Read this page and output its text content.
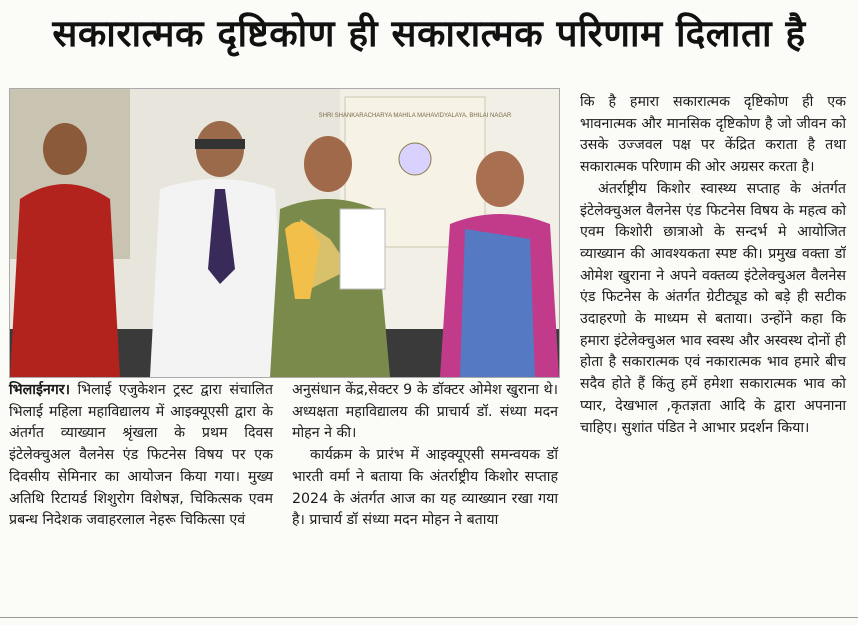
सकारात्मक दृष्टिकोण ही सकारात्मक परिणाम दिलाता है
SHRI SHANKARACHARYA MAHILA MAHAVIDYALAYA, BHILAI NAGAR

भिलाईनगर। भिलाई एजुकेशन ट्रस्ट द्वारा संचालित भिलाई महिला महाविद्यालय में आइक्यूएसी द्वारा के अंतर्गत व्याख्यान श्रृंखला के प्रथम दिवस इंटेलेक्चुअल वैलनेस एंड फिटनेस विषय पर एक दिवसीय सेमिनार का आयोजन किया गया। मुख्य अतिथि रिटायर्ड शिशुरोग विशेषज्ञ, चिकित्सक एवम प्रबन्ध निदेशक जवाहरलाल नेहरू चिकित्सा एवं

अनुसंधान केंद्र,सेक्टर 9 के डॉक्टर ओमेश खुराना थे। अध्यक्षता महाविद्यालय की प्राचार्य डॉ. संध्या मदन मोहन ने की।

कार्यक्रम के प्रारंभ में आइक्यूएसी समन्वयक डॉ भारती वर्मा ने बताया कि अंतर्राष्ट्रीय किशोर सप्ताह 2024 के अंतर्गत आज का यह व्याख्यान रखा गया है। प्राचार्य डॉ संध्या मदन मोहन ने बताया

कि है हमारा सकारात्मक दृष्टिकोण ही एक भावनात्मक और मानसिक दृष्टिकोण है जो जीवन को उसके उज्जवल पक्ष पर केंद्रित कराता है तथा सकारात्मक परिणाम की ओर अग्रसर करता है।

अंतर्राष्ट्रीय किशोर स्वास्थ्य सप्ताह के अंतर्गत इंटेलेक्चुअल वैलनेस एंड फिटनेस विषय के महत्व को एवम किशोरी छात्राओ के सन्दर्भ मे आयोजित व्याख्यान की आवश्यकता स्पष्ट की। प्रमुख वक्ता डॉ ओमेश खुराना ने अपने वक्तव्य इंटेलेक्चुअल वैलनेस एंड फिटनेस के अंतर्गत ग्रेटीट्यूड को बड़े ही सटीक उदाहरणो के माध्यम से बताया। उन्होंने कहा कि हमारा इंटेलेक्चुअल भाव स्वस्थ और अस्वस्थ दोनों ही होता है सकारात्मक एवं नकारात्मक भाव हमारे बीच सदैव होते हैं किंतु हमें हमेशा सकारात्मक भाव को प्यार, देखभाल ,कृतज्ञता आदि के द्वारा अपनाना चाहिए। सुशांत पंडित ने आभार प्रदर्शन किया।
